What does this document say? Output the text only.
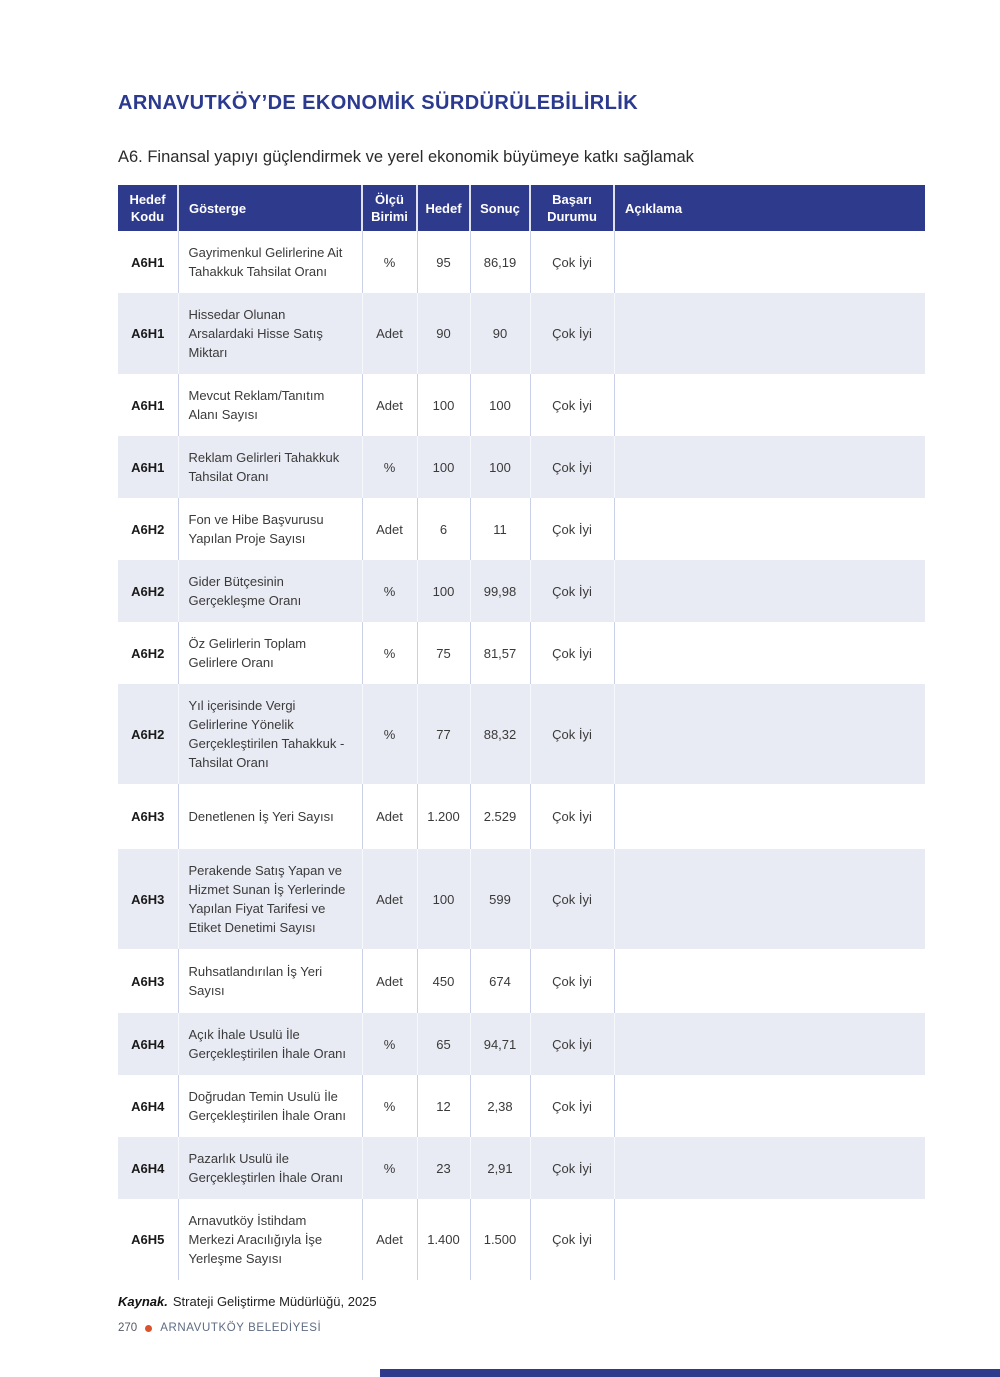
ARNAVUTKÖY’DE EKONOMİK SÜRDÜRÜLEBİLİRLİK

A6. Finansal yapıyı güçlendirmek ve yerel ekonomik büyümeye katkı sağlamak

Hedef Kodu	Gösterge	Ölçü Birimi	Hedef	Sonuç	Başarı Durumu	Açıklama
A6H1	Gayrimenkul Gelirlerine Ait Tahakkuk Tahsilat Oranı	%	95	86,19	Çok İyi	
A6H1	Hissedar Olunan Arsalardaki Hisse Satış Miktarı	Adet	90	90	Çok İyi	
A6H1	Mevcut Reklam/Tanıtım Alanı Sayısı	Adet	100	100	Çok İyi	
A6H1	Reklam Gelirleri Tahakkuk Tahsilat Oranı	%	100	100	Çok İyi	
A6H2	Fon ve Hibe Başvurusu Yapılan Proje Sayısı	Adet	6	11	Çok İyi	
A6H2	Gider Bütçesinin Gerçekleşme Oranı	%	100	99,98	Çok İyi	
A6H2	Öz Gelirlerin Toplam Gelirlere Oranı	%	75	81,57	Çok İyi	
A6H2	Yıl içerisinde Vergi Gelirlerine Yönelik Gerçekleştirilen Tahakkuk - Tahsilat Oranı	%	77	88,32	Çok İyi	
A6H3	Denetlenen İş Yeri Sayısı	Adet	1.200	2.529	Çok İyi	
A6H3	Perakende Satış Yapan ve Hizmet Sunan İş Yerlerinde Yapılan Fiyat Tarifesi ve Etiket Denetimi Sayısı	Adet	100	599	Çok İyi	
A6H3	Ruhsatlandırılan İş Yeri Sayısı	Adet	450	674	Çok İyi	
A6H4	Açık İhale Usulü İle Gerçekleştirilen İhale Oranı	%	65	94,71	Çok İyi	
A6H4	Doğrudan Temin Usulü İle Gerçekleştirilen İhale Oranı	%	12	2,38	Çok İyi	
A6H4	Pazarlık Usulü ile Gerçekleştirlen İhale Oranı	%	23	2,91	Çok İyi	
A6H5	Arnavutköy İstihdam Merkezi Aracılığıyla İşe Yerleşme Sayısı	Adet	1.400	1.500	Çok İyi	

Kaynak. Strateji Geliştirme Müdürlüğü, 2025

270 ARNAVUTKÖY BELEDİYESİ
